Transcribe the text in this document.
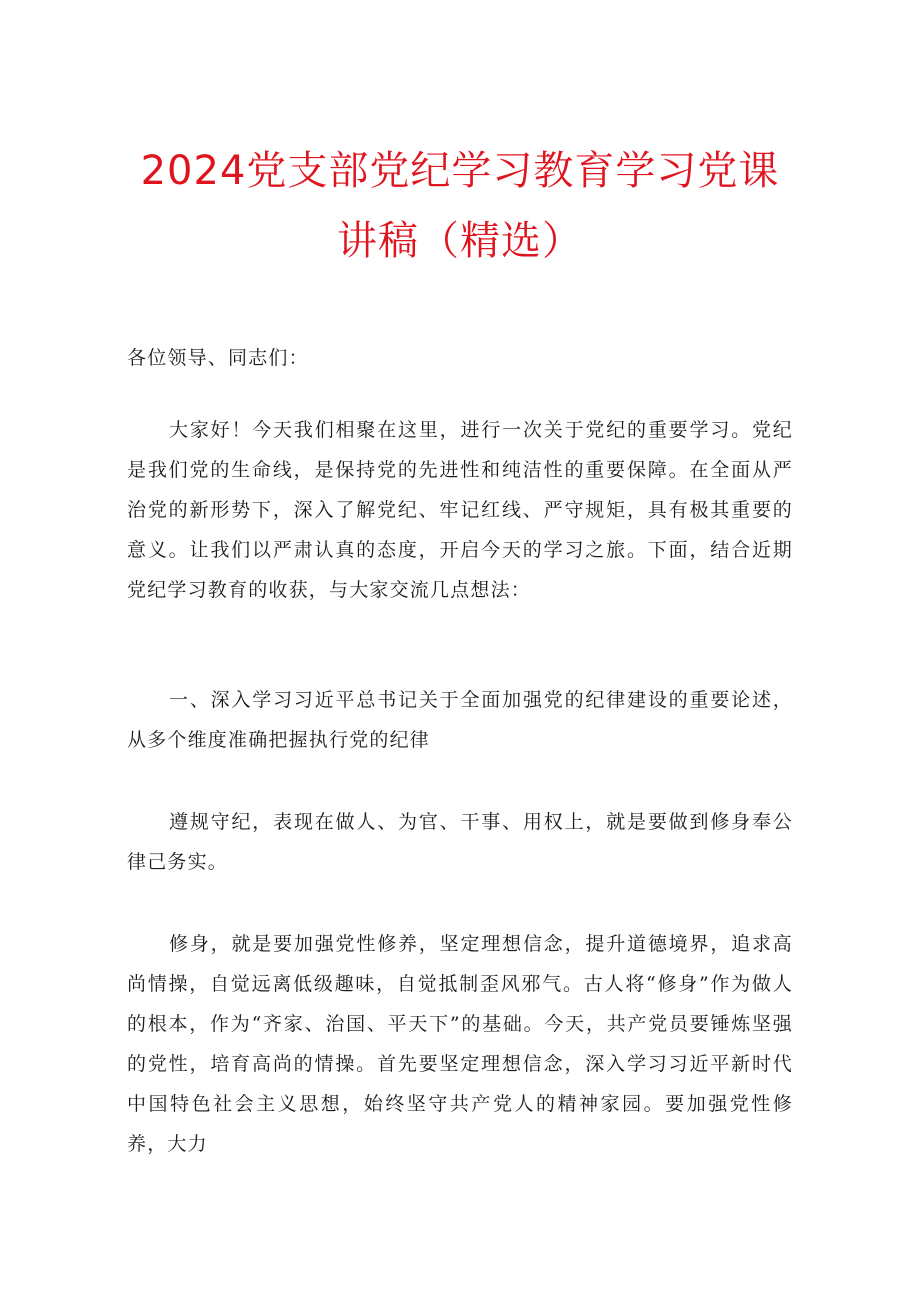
2024党支部党纪学习教育学习党课
讲稿（精选）
各位领导、同志们：
大家好！今天我们相聚在这里，进行一次关于党纪的重要学习。党纪是我们党的生命线，是保持党的先进性和纯洁性的重要保障。在全面从严治党的新形势下，深入了解党纪、牢记红线、严守规矩，具有极其重要的意义。让我们以严肃认真的态度，开启今天的学习之旅。下面，结合近期党纪学习教育的收获，与大家交流几点想法：
一、深入学习习近平总书记关于全面加强党的纪律建设的重要论述，从多个维度准确把握执行党的纪律
遵规守纪，表现在做人、为官、干事、用权上，就是要做到修身奉公律己务实。
修身，就是要加强党性修养，坚定理想信念，提升道德境界，追求高尚情操，自觉远离低级趣味，自觉抵制歪风邪气。古人将“修身”作为做人的根本，作为“齐家、治国、平天下”的基础。今天，共产党员要锤炼坚强的党性，培育高尚的情操。首先要坚定理想信念，深入学习习近平新时代中国特色社会主义思想，始终坚守共产党人的精神家园。要加强党性修养，大力
